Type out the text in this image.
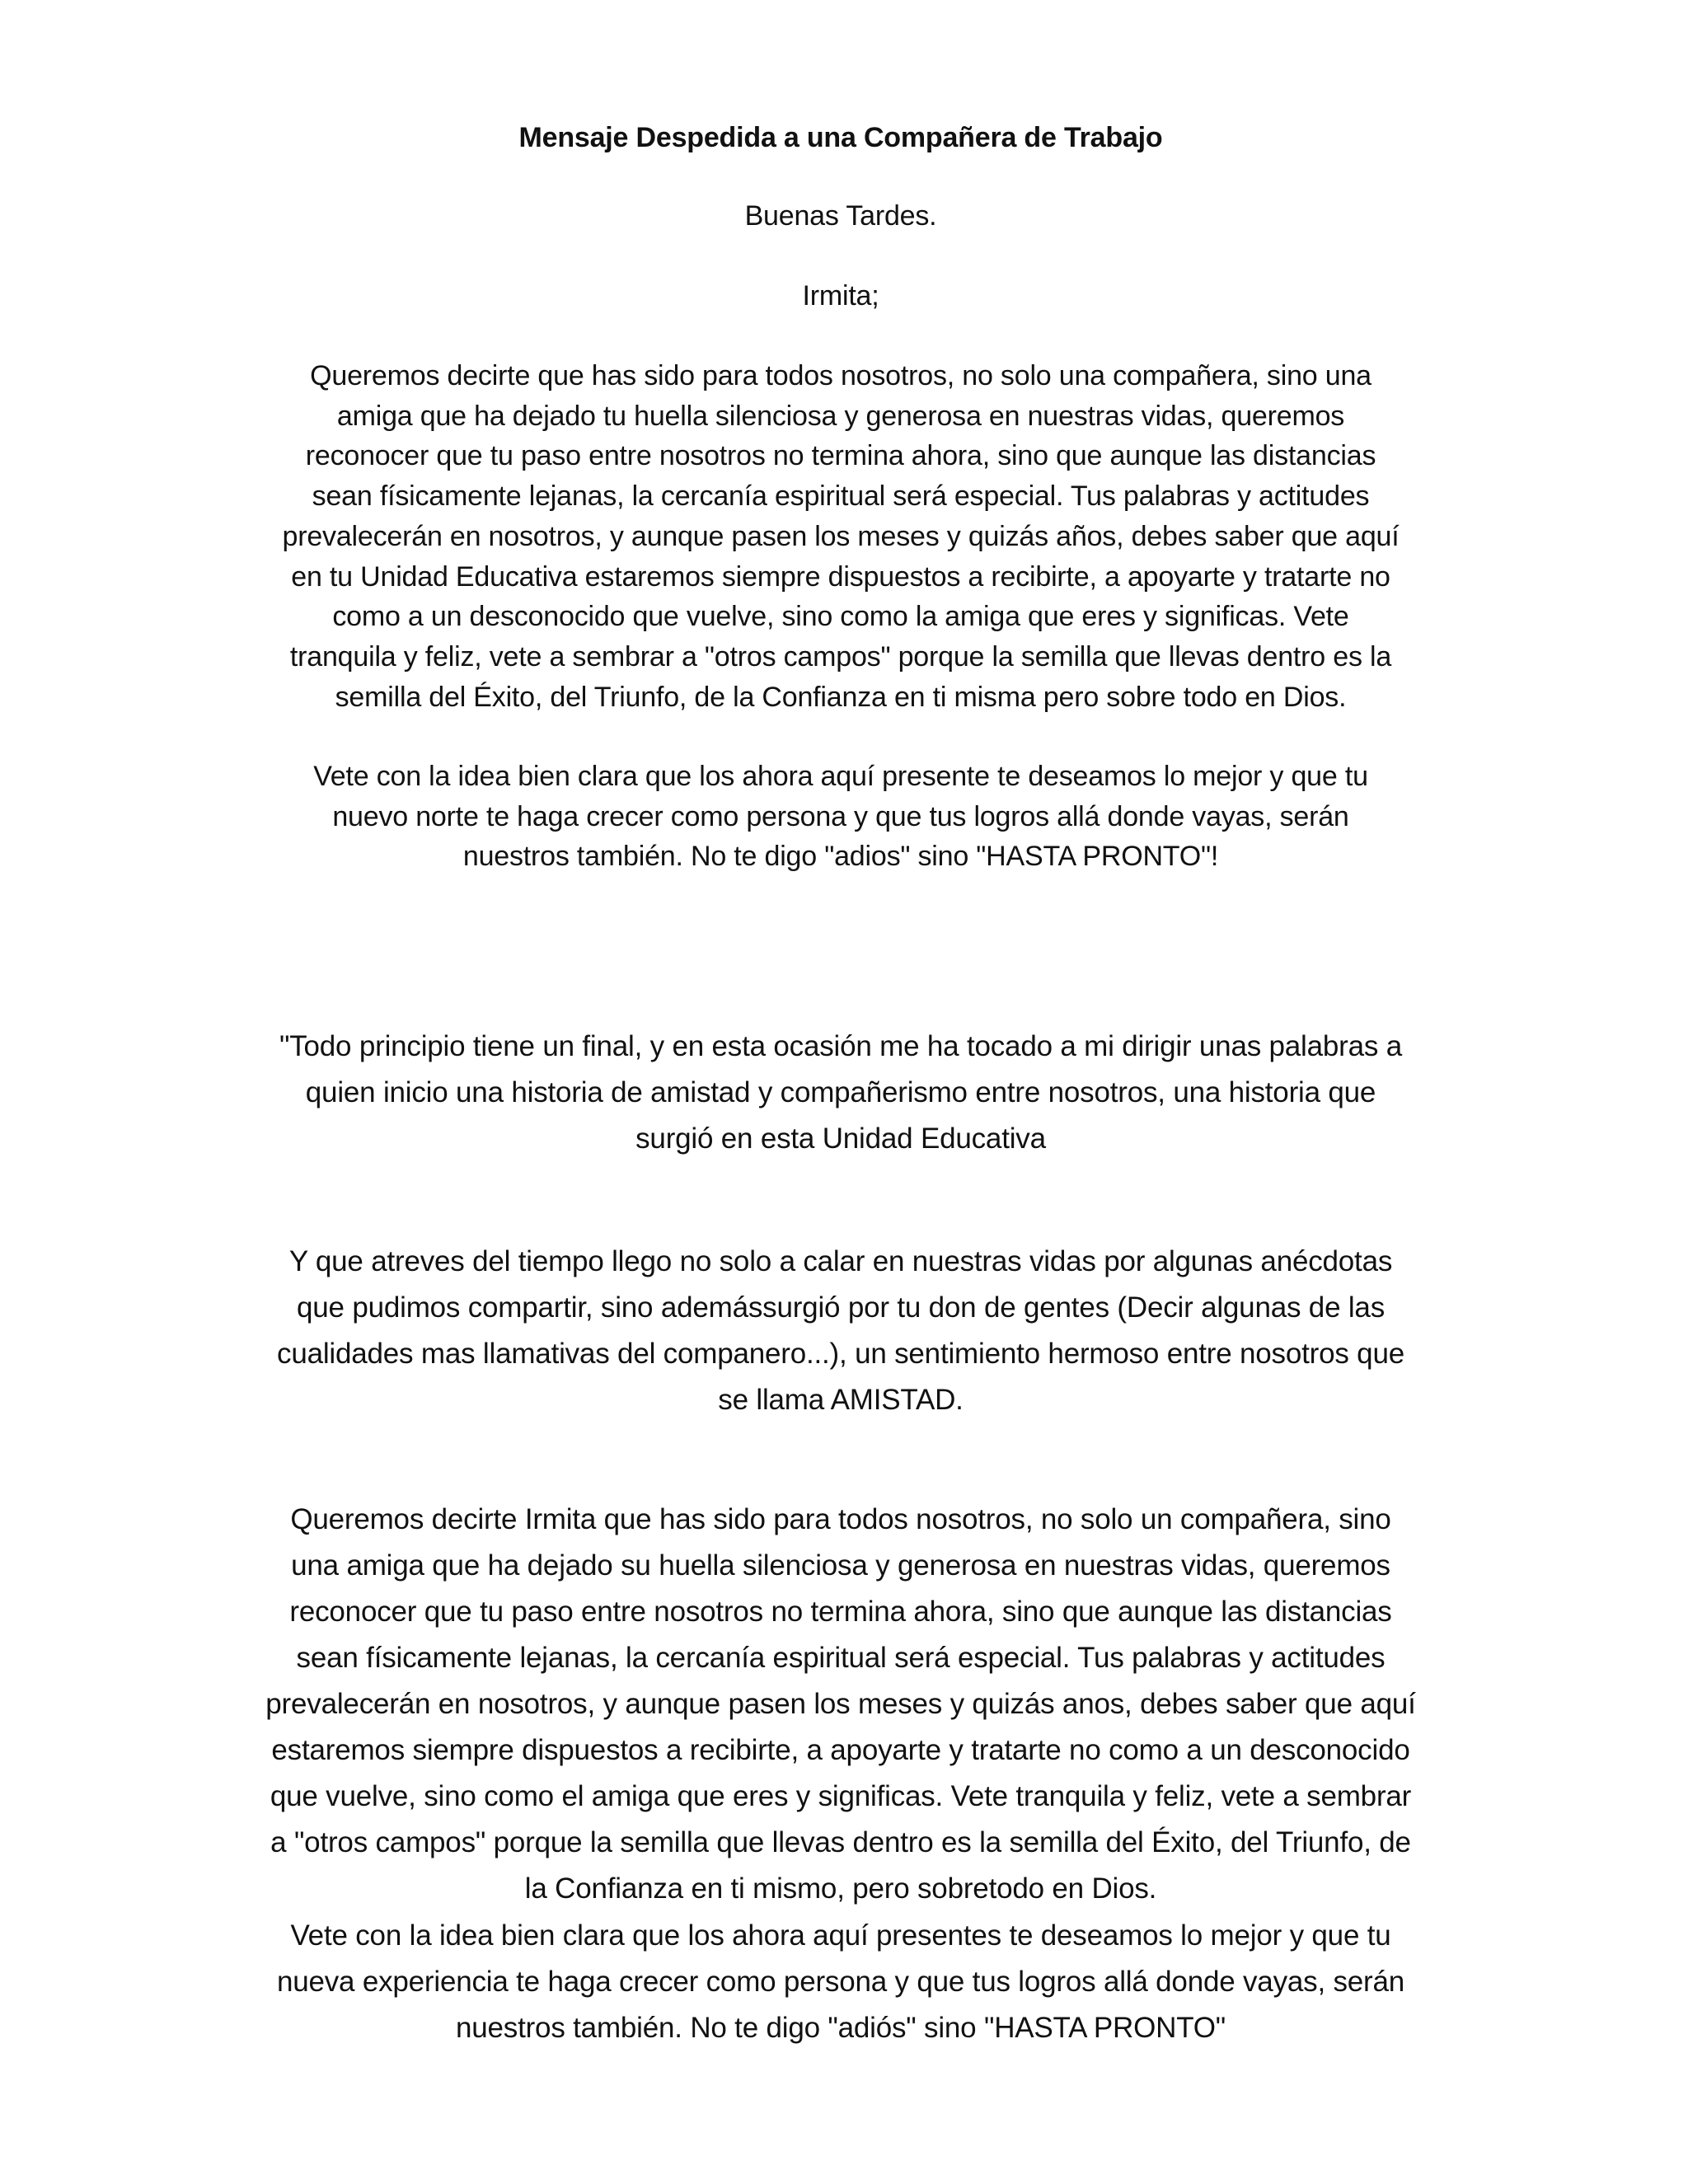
Mensaje Despedida a una Compañera de Trabajo

Buenas Tardes.

Irmita;

Queremos decirte que has sido para todos nosotros, no solo una compañera, sino una
amiga que ha dejado tu huella silenciosa y generosa en nuestras vidas, queremos
reconocer que tu paso entre nosotros no termina ahora, sino que aunque las distancias
sean físicamente lejanas, la cercanía espiritual será especial. Tus palabras y actitudes
prevalecerán en nosotros, y aunque pasen los meses y quizás años, debes saber que aquí
en tu Unidad Educativa estaremos siempre dispuestos a recibirte, a apoyarte y tratarte no
como a un desconocido que vuelve, sino como la amiga que eres y significas. Vete
tranquila y feliz, vete a sembrar a "otros campos" porque la semilla que llevas dentro es la
semilla del Éxito, del Triunfo, de la Confianza en ti misma pero sobre todo en Dios.

Vete con la idea bien clara que los ahora aquí presente te deseamos lo mejor y que tu
nuevo norte te haga crecer como persona y que tus logros allá donde vayas, serán
nuestros también. No te digo "adios" sino "HASTA PRONTO"!

"Todo principio tiene un final, y en esta ocasión me ha tocado a mi dirigir unas palabras a
quien inicio una historia de amistad y compañerismo entre nosotros, una historia que
surgió en esta Unidad Educativa

Y que atreves del tiempo llego no solo a calar en nuestras vidas por algunas anécdotas
que pudimos compartir, sino ademássurgió por tu don de gentes (Decir algunas de las
cualidades mas llamativas del companero...), un sentimiento hermoso entre nosotros que
se llama AMISTAD.

Queremos decirte Irmita que has sido para todos nosotros, no solo un compañera, sino
una amiga que ha dejado su huella silenciosa y generosa en nuestras vidas, queremos
reconocer que tu paso entre nosotros no termina ahora, sino que aunque las distancias
sean físicamente lejanas, la cercanía espiritual será especial. Tus palabras y actitudes
prevalecerán en nosotros, y aunque pasen los meses y quizás anos, debes saber que aquí
estaremos siempre dispuestos a recibirte, a apoyarte y tratarte no como a un desconocido
que vuelve, sino como el amiga que eres y significas. Vete tranquila y feliz, vete a sembrar
a "otros campos" porque la semilla que llevas dentro es la semilla del Éxito, del Triunfo, de
la Confianza en ti mismo, pero sobretodo en Dios.

Vete con la idea bien clara que los ahora aquí presentes te deseamos lo mejor y que tu
nueva experiencia te haga crecer como persona y que tus logros allá donde vayas, serán
nuestros también. No te digo "adiós" sino "HASTA PRONTO"
